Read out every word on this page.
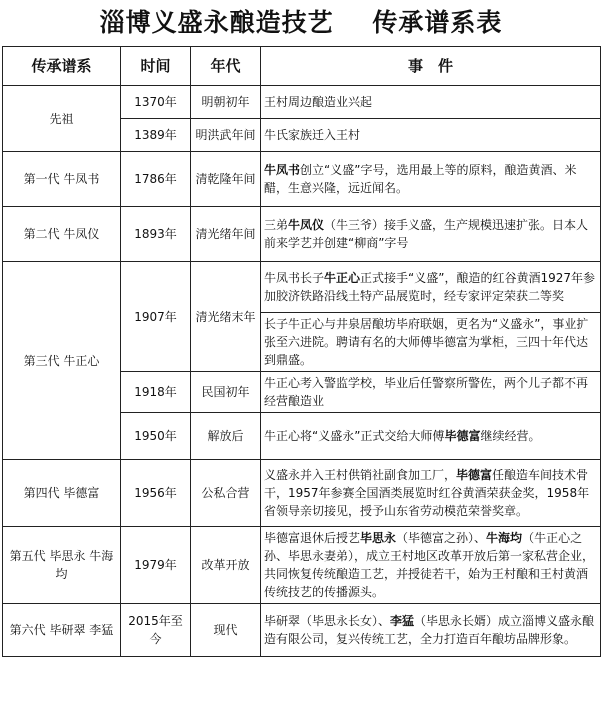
淄博义盛永酿造技艺    传承谱系表
传承谱系	时间	年代	事　件
先祖	1370年	明朝初年	王村周边酿造业兴起
	1389年	明洪武年间	牛氏家族迁入王村
第一代 牛凤书	1786年	清乾隆年间	牛凤书创立“义盛”字号，选用最上等的原料，酿造黄酒、米醋，生意兴隆，远近闻名。
第二代 牛凤仪	1893年	清光绪年间	三弟牛凤仪（牛三爷）接手义盛，生产规模迅速扩张。日本人前来学艺并创建“柳商”字号
第三代 牛正心	1907年	清光绪末年	牛凤书长子牛正心正式接手“义盛”，酿造的红谷黄酒1927年参加胶济铁路沿线土特产品展览时，经专家评定荣获二等奖
			长子牛正心与井泉居酿坊毕府联姻，更名为“义盛永”，事业扩张至六进院。聘请有名的大师傅毕德富为掌柜，三四十年代达到鼎盛。
	1918年	民国初年	牛正心考入警监学校，毕业后任警察所警佐，两个儿子都不再经营酿造业
	1950年	解放后	牛正心将“义盛永”正式交给大师傅毕德富继续经营。
第四代 毕德富	1956年	公私合营	义盛永并入王村供销社副食加工厂，毕德富任酿造车间技术骨干，1957年参赛全国酒类展览时红谷黄酒荣获金奖，1958年省领导亲切接见，授予山东省劳动模范荣誉奖章。
第五代 毕思永 牛海均	1979年	改革开放	毕德富退休后授艺毕思永（毕德富之孙）、牛海均（牛正心之孙、毕思永妻弟），成立王村地区改革开放后第一家私营企业，共同恢复传统酿造工艺，并授徒若干，始为王村酿和王村黄酒传统技艺的传播源头。
第六代 毕研翠 李猛	2015年至今	现代	毕研翠（毕思永长女）、李猛（毕思永长婿）成立淄博义盛永酿造有限公司，复兴传统工艺，全力打造百年酿坊品牌形象。
